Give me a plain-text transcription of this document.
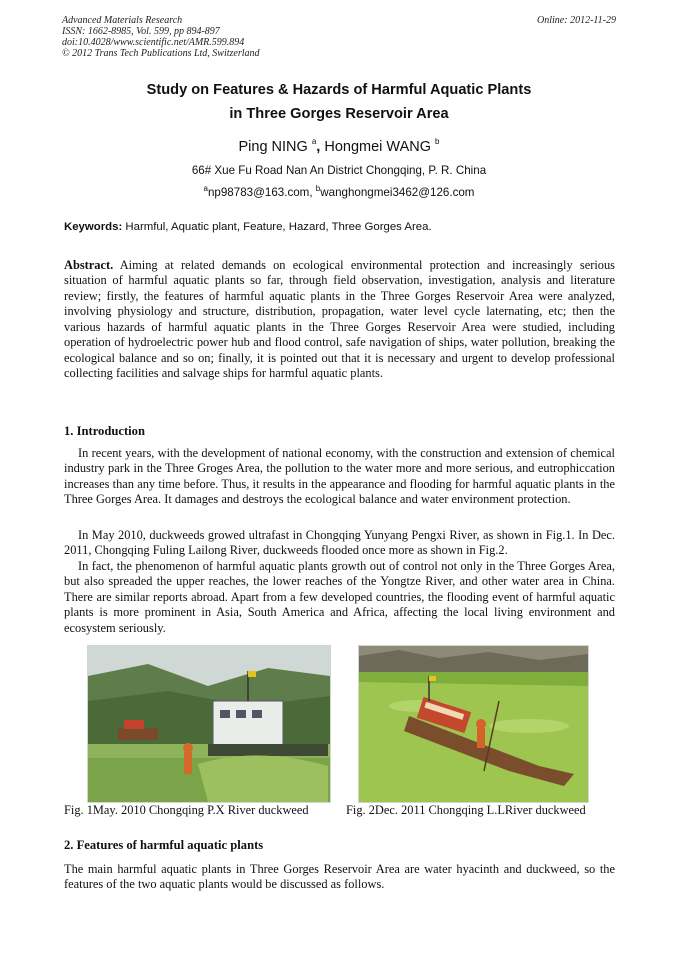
Advanced Materials Research
ISSN: 1662-8985, Vol. 599, pp 894-897
doi:10.4028/www.scientific.net/AMR.599.894
© 2012 Trans Tech Publications Ltd, Switzerland
Online: 2012-11-29
Study on Features & Hazards of Harmful Aquatic Plants
in Three Gorges Reservoir Area
Ping NING $^a$, Hongmei WANG $^b$
66# Xue Fu Road Nan An District Chongqing, P. R. China
$^a$np98783@163.com, $^b$wanghongmei3462@126.com
Keywords: Harmful, Aquatic plant, Feature, Hazard, Three Gorges Area.
Abstract. Aiming at related demands on ecological environmental protection and increasingly serious situation of harmful aquatic plants so far, through field observation, investigation, analysis and literature review; firstly, the features of harmful aquatic plants in the Three Gorges Reservoir Area were analyzed, involving physiology and structure, distribution, propagation, water level cycle laternating, etc; then the various hazards of harmful aquatic plants in the Three Gorges Reservoir Area were studied, including operation of hydroelectric power hub and flood control, safe navigation of ships, water pollution, breaking the ecological balance and so on; finally, it is pointed out that it is necessary and urgent to develop professional collecting facilities and salvage ships for harmful aquatic plants.
1. Introduction
In recent years, with the development of national economy, with the construction and extension of chemical industry park in the Three Groges Area, the pollution to the water more and more serious, and eutrophiccation increases than any time before. Thus, it results in the appearance and flooding for harmful aquatic plants in the Three Gorges Area. It damages and destroys the ecological balance and water environment protection.
In May 2010, duckweeds growed ultrafast in Chongqing Yunyang Pengxi River, as shown in Fig.1. In Dec. 2011, Chongqing Fuling Lailong River, duckweeds flooded once more as shown in Fig.2.
In fact, the phenomenon of harmful aquatic plants growth out of control not only in the Three Gorges Area, but also spreaded the upper reaches, the lower reaches of the Yongtze River, and other water area in China. There are similar reports abroad. Apart from a few developed countries, the flooding event of harmful aquatic plants is more prominent in Asia, South America and Africa, affecting the local living environment and ecosystem seriously.
Fig. 1May. 2010 Chongqing P.X River duckweed	Fig. 2Dec. 2011 Chongqing L.LRiver duckweed
2. Features of harmful aquatic plants
The main harmful aquatic plants in Three Gorges Reservoir Area are water hyacinth and duckweed, so the features of the two aquatic plants would be discussed as follows.
